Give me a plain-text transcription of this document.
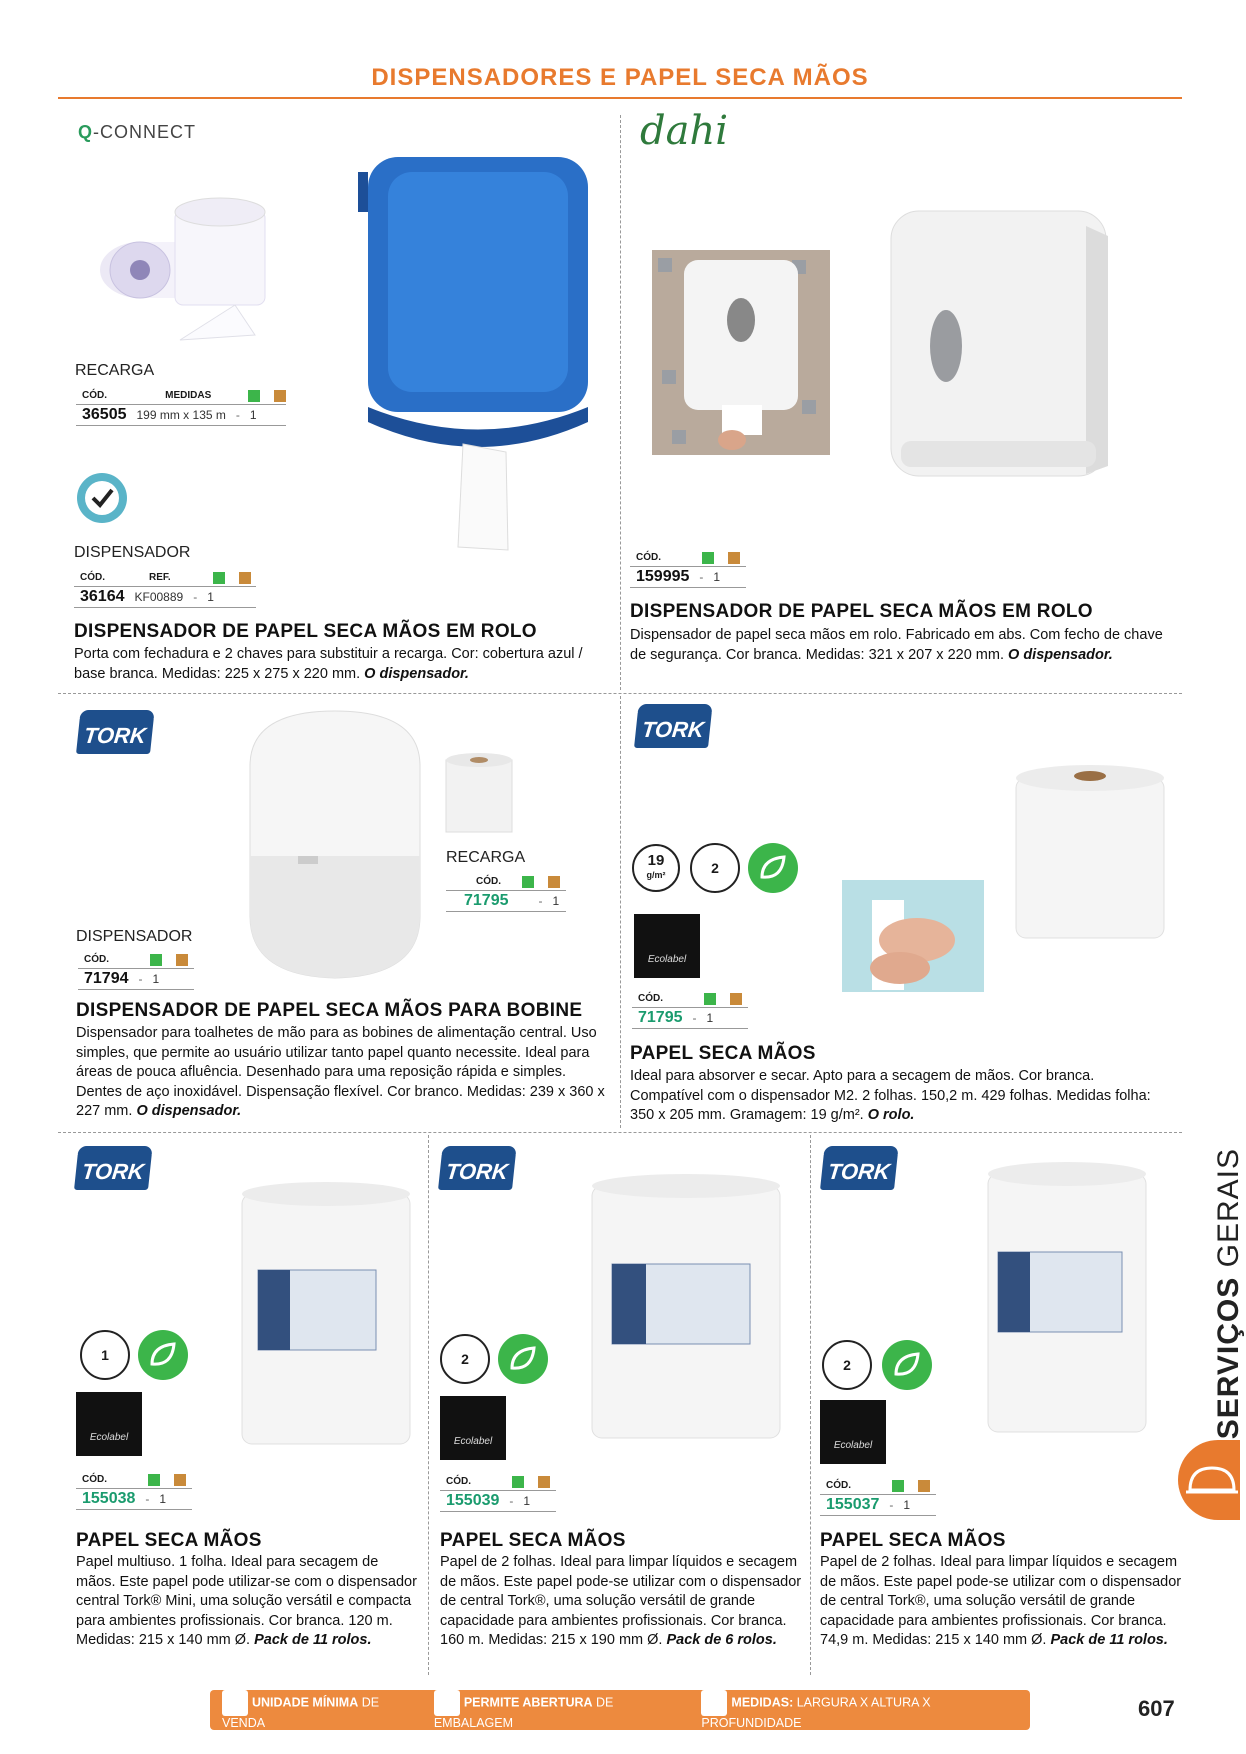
DISPENSADORES E PAPEL SECA MÃOS
Q-CONNECT
RECARGA
CÓD.	MEDIDAS
36505 199 mm x 135 m - 1
DISPENSADOR
CÓD.	REF.
36164 KF00889 - 1
DISPENSADOR DE PAPEL SECA MÃOS EM ROLO
Porta com fechadura e 2 chaves para substituir a recarga. Cor: cobertura azul / base branca. Medidas: 225 x 275 x 220 mm. O dispensador.
dahi
CÓD.
159995 - 1
DISPENSADOR DE PAPEL SECA MÃOS EM ROLO
Dispensador de papel seca mãos em rolo. Fabricado em abs. Com fecho de chave de segurança. Cor branca. Medidas: 321 x 207 x 220 mm. O dispensador.
TORK
RECARGA
CÓD.
71795	- 1
DISPENSADOR
CÓD.
71794 - 1
DISPENSADOR DE PAPEL SECA MÃOS PARA BOBINE
Dispensador para toalhetes de mão para as bobines de alimentação central. Uso simples, que permite ao usuário utilizar tanto papel quanto necessite. Ideal para áreas de pouca afluência. Desenhado para uma reposição rápida e simples. Dentes de aço inoxidável. Dispensação flexível. Cor branco. Medidas: 239 x 360 x 227 mm. O dispensador.
TORK
19
g/m²	2
Ecolabel
CÓD.
71795 - 1
PAPEL SECA MÃOS
Ideal para absorver e secar. Apto para a secagem de mãos. Cor branca. Compatível com o dispensador M2. 2 folhas. 150,2 m. 429 folhas. Medidas folha: 350 x 205 mm. Gramagem: 19 g/m². O rolo.
TORK
1
Ecolabel
CÓD.
155038 - 1
PAPEL SECA MÃOS
Papel multiuso. 1 folha. Ideal para secagem de mãos. Este papel pode utilizar-se com o dispensador central Tork® Mini, uma solução versátil e compacta para ambientes profissionais. Cor branca. 120 m. Medidas: 215 x 140 mm Ø. Pack de 11 rolos.
TORK
2
Ecolabel
CÓD.
155039 - 1
PAPEL SECA MÃOS
Papel de 2 folhas. Ideal para limpar líquidos e secagem de mãos. Este papel pode-se utilizar com o dispensador de central Tork®, uma solução versátil de grande capacidade para ambientes profissionais. Cor branca. 160 m. Medidas: 215 x 190 mm Ø. Pack de 6 rolos.
TORK
2
Ecolabel
CÓD.
155037 - 1
PAPEL SECA MÃOS
Papel de 2 folhas. Ideal para limpar líquidos e secagem de mãos. Este papel pode-se utilizar com o dispensador de central Tork®, uma solução versátil de grande capacidade para ambientes profissionais. Cor branca. 74,9 m. Medidas: 215 x 140 mm Ø. Pack de 11 rolos.
SERVIÇOS GERAIS
UNIDADE MÍNIMA DE VENDA
PERMITE ABERTURA DE EMBALAGEM
MEDIDAS: LARGURA X ALTURA X PROFUNDIDADE
607
